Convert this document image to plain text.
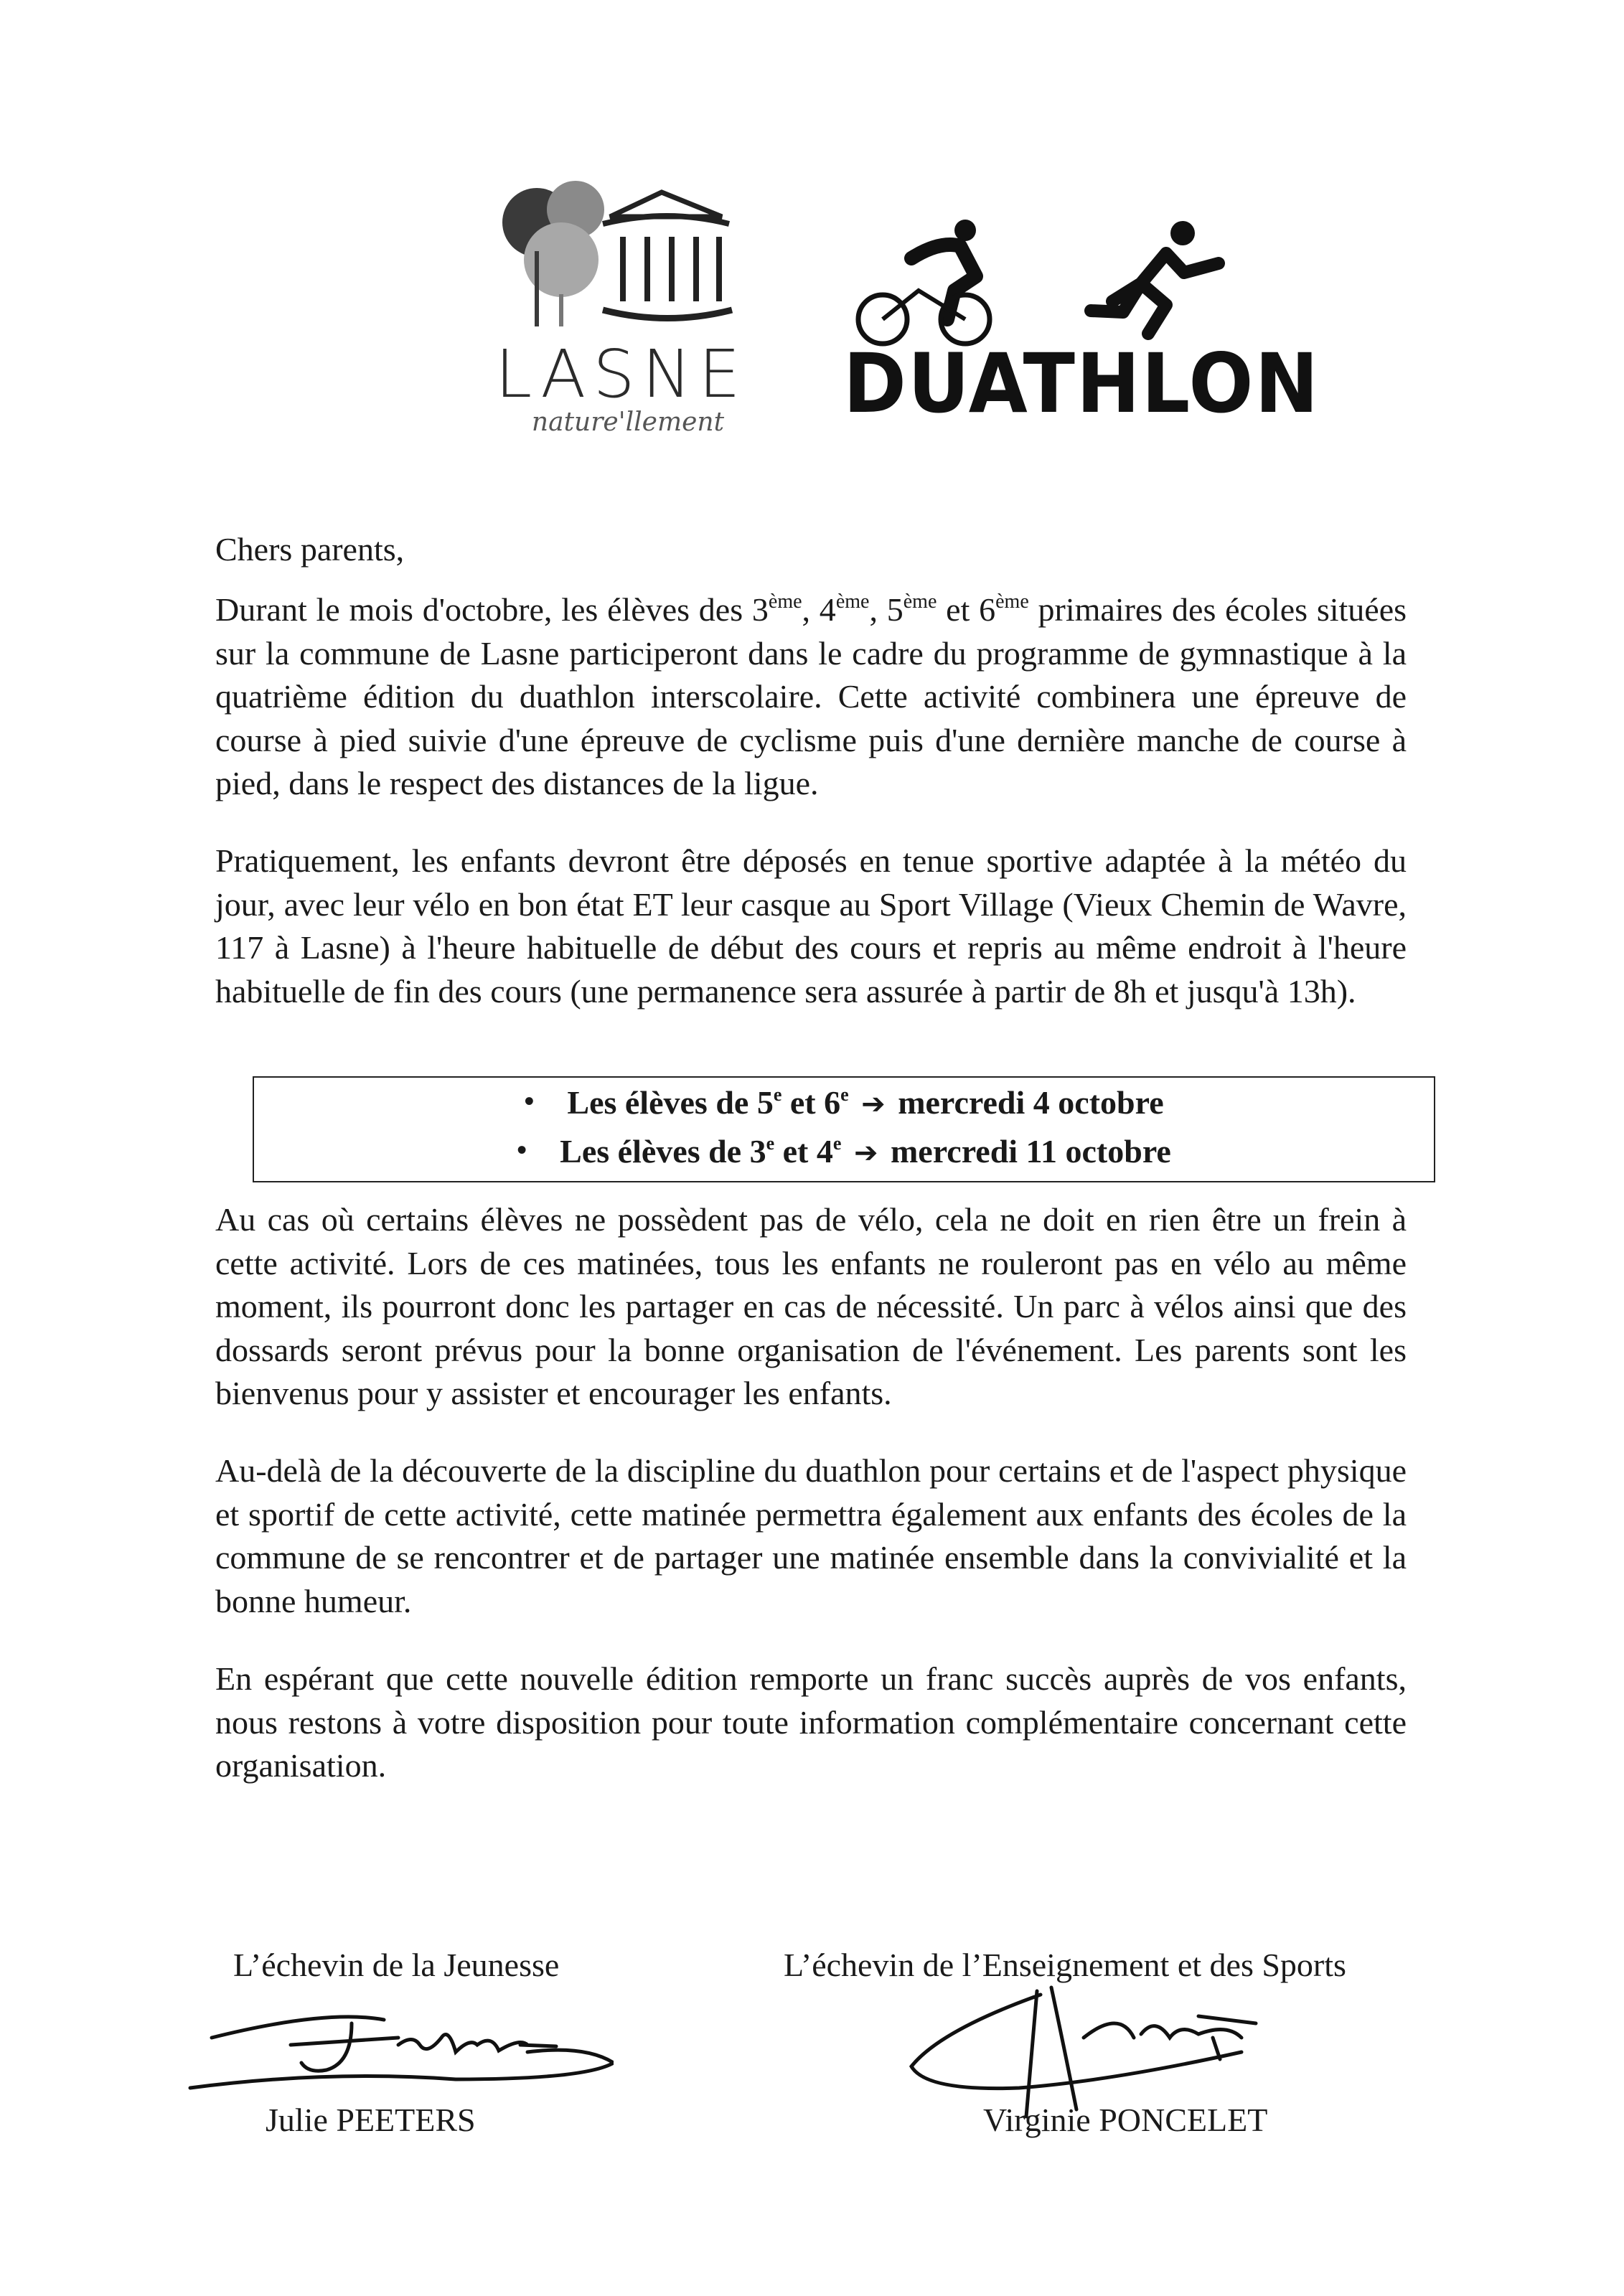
LASNE
nature'llement DUATHLON
Chers parents,
Durant le mois d'octobre, les élèves des 3ème, 4ème, 5ème et 6ème primaires des écoles situées sur la commune de Lasne participeront dans le cadre du programme de gymnastique à la quatrième édition du duathlon interscolaire. Cette activité combinera une épreuve de course à pied suivie d'une épreuve de cyclisme puis d'une dernière manche de course à pied, dans le respect des distances de la ligue.
Pratiquement, les enfants devront être déposés en tenue sportive adaptée à la météo du jour, avec leur vélo en bon état ET leur casque au Sport Village (Vieux Chemin de Wavre, 117 à Lasne) à l'heure habituelle de début des cours et repris au même endroit à l'heure habituelle de fin des cours (une permanence sera assurée à partir de 8h et jusqu'à 13h).
• Les élèves de 5e et 6e ➔ mercredi 4 octobre
• Les élèves de 3e et 4e ➔ mercredi 11 octobre
Au cas où certains élèves ne possèdent pas de vélo, cela ne doit en rien être un frein à cette activité. Lors de ces matinées, tous les enfants ne rouleront pas en vélo au même moment, ils pourront donc les partager en cas de nécessité. Un parc à vélos ainsi que des dossards seront prévus pour la bonne organisation de l'événement. Les parents sont les bienvenus pour y assister et encourager les enfants.
Au-delà de la découverte de la discipline du duathlon pour certains et de l'aspect physique et sportif de cette activité, cette matinée permettra également aux enfants des écoles de la commune de se rencontrer et de partager une matinée ensemble dans la convivialité et la bonne humeur.
En espérant que cette nouvelle édition remporte un franc succès auprès de vos enfants, nous restons à votre disposition pour toute information complémentaire concernant cette organisation.
L’échevin de la Jeunesse
Julie PEETERS
L’échevin de l’Enseignement et des Sports
Virginie PONCELET
